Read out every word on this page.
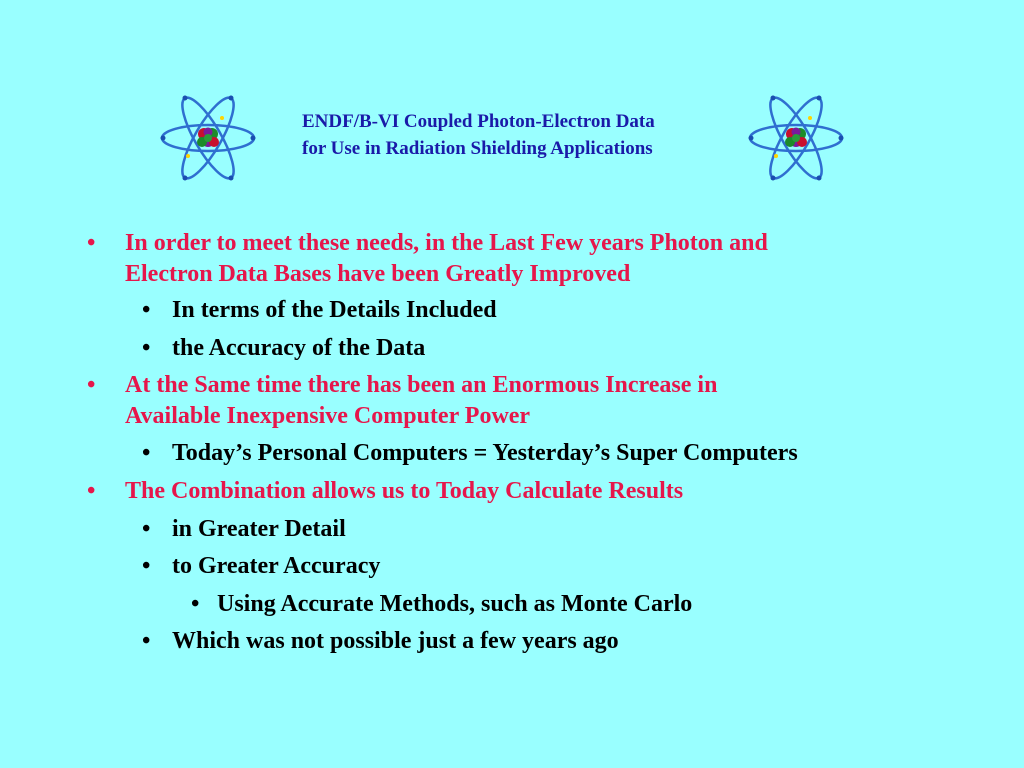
ENDF/B-VI Coupled Photon-Electron Data
for Use in Radiation Shielding Applications
• In order to meet these needs, in the Last Few years Photon and
Electron Data Bases have been Greatly Improved
• In terms of the Details Included
• the Accuracy of the Data
• At the Same time there has been an Enormous Increase in
Available Inexpensive Computer Power
• Today’s Personal Computers = Yesterday’s Super Computers
• The Combination allows us to Today Calculate Results
• in Greater Detail
• to Greater Accuracy
• Using Accurate Methods, such as Monte Carlo
• Which was not possible just a few years ago
